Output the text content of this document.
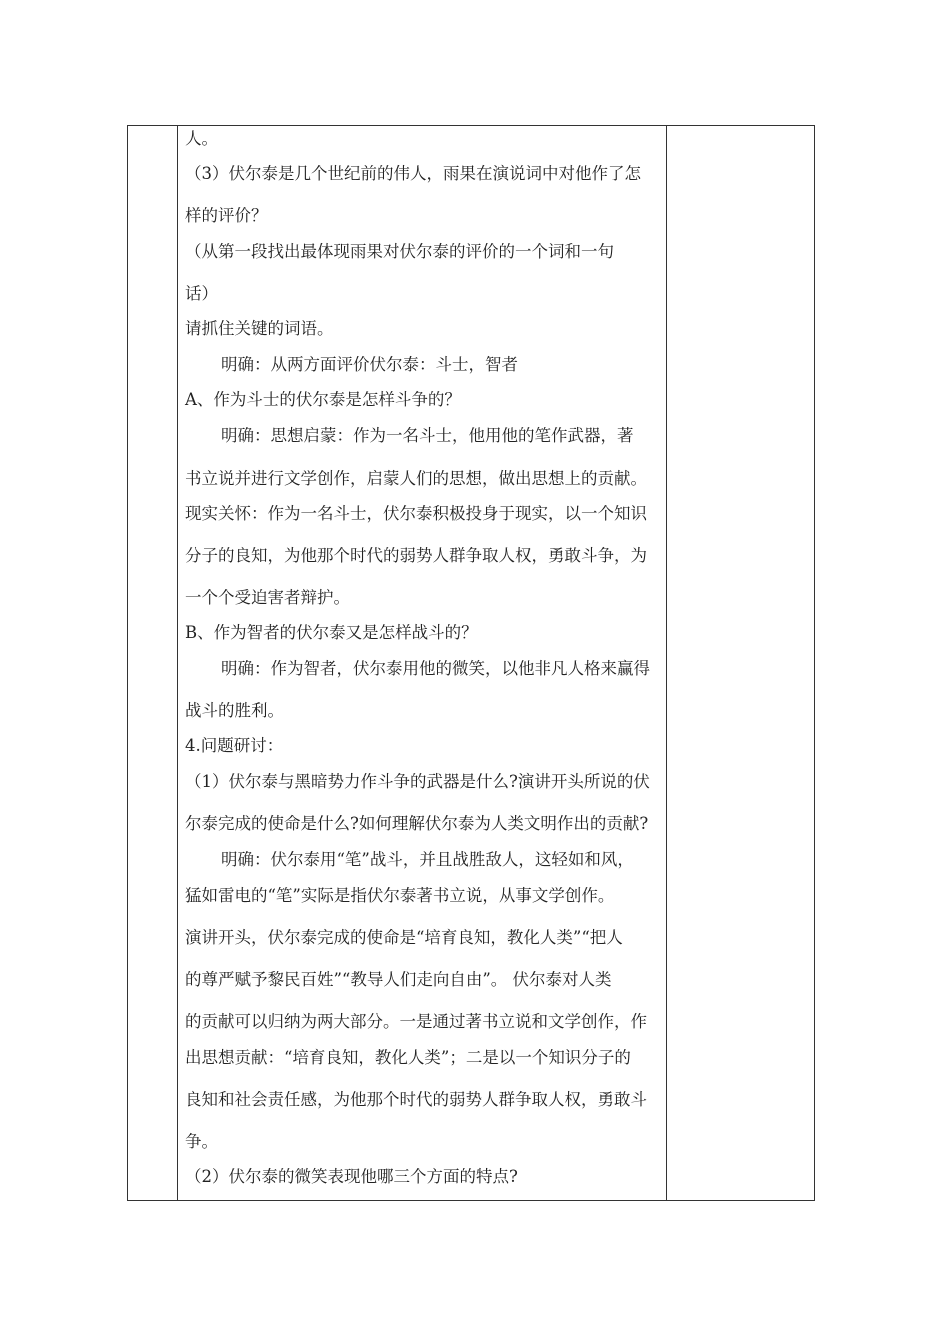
人。
（3）伏尔泰是几个世纪前的伟人，雨果在演说词中对他作了怎
样的评价？
（从第一段找出最体现雨果对伏尔泰的评价的一个词和一句
话）
请抓住关键的词语。
明确：从两方面评价伏尔泰：斗士，智者
A、作为斗士的伏尔泰是怎样斗争的？
明确：思想启蒙：作为一名斗士，他用他的笔作武器，著
书立说并进行文学创作，启蒙人们的思想，做出思想上的贡献。
现实关怀：作为一名斗士，伏尔泰积极投身于现实，以一个知识
分子的良知，为他那个时代的弱势人群争取人权，勇敢斗争，为
一个个受迫害者辩护。
B、作为智者的伏尔泰又是怎样战斗的？
明确：作为智者，伏尔泰用他的微笑，以他非凡人格来赢得
战斗的胜利。
4.问题研讨：
（1）伏尔泰与黑暗势力作斗争的武器是什么?演讲开头所说的伏
尔泰完成的使命是什么?如何理解伏尔泰为人类文明作出的贡献?
明确：伏尔泰用“笔”战斗，并且战胜敌人，这轻如和风，
猛如雷电的“笔”实际是指伏尔泰著书立说，从事文学创作。
演讲开头，伏尔泰完成的使命是“培育良知，教化人类”“把人
的尊严赋予黎民百姓”“教导人们走向自由”。 伏尔泰对人类
的贡献可以归纳为两大部分。一是通过著书立说和文学创作，作
出思想贡献：“培育良知，教化人类”；二是以一个知识分子的
良知和社会责任感，为他那个时代的弱势人群争取人权，勇敢斗
争。
（2）伏尔泰的微笑表现他哪三个方面的特点?
